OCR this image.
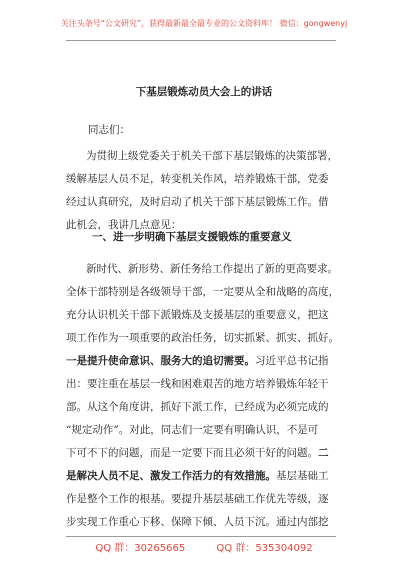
关注头条号“公文研究”，获得最新最全最专业的公文资料库！ 微信：gongwenyj
下基层锻炼动员大会上的讲话
同志们：
为贯彻上级党委关于机关干部下基层锻炼的决策部署，
缓解基层人员不足，转变机关作风，培养锻炼干部，党委
经过认真研究，及时启动了机关干部下基层锻炼工作。借
此机会，我讲几点意见：
一、进一步明确下基层支援锻炼的重要意义
新时代、新形势、新任务给工作提出了新的更高要求。
全体干部特别是各级领导干部，一定要从全和战略的高度，
充分认识机关干部下派锻炼及支援基层的重要意义，把这
项工作作为一项重要的政治任务，切实抓紧、抓实、抓好。
一是提升使命意识、服务大的追切需要。习近平总书记指
出：要注重在基层一线和困难艰苦的地方培养锻炼年轻干
部。从这个角度讲，抓好下派工作，已经成为必须完成的
“规定动作”。对此，同志们一定要有明确认识，不是可
下可不下的问题，而是一定要下而且必须干好的问题。二
是解决人员不足、激发工作活力的有效措施。基层基础工
作是整个工作的根基。要提升基层基础工作优先等级，逐
步实现工作重心下移、保障下倾、人员下沉。通过内部挖
QQ 群：30265665	QQ 群：535304092
